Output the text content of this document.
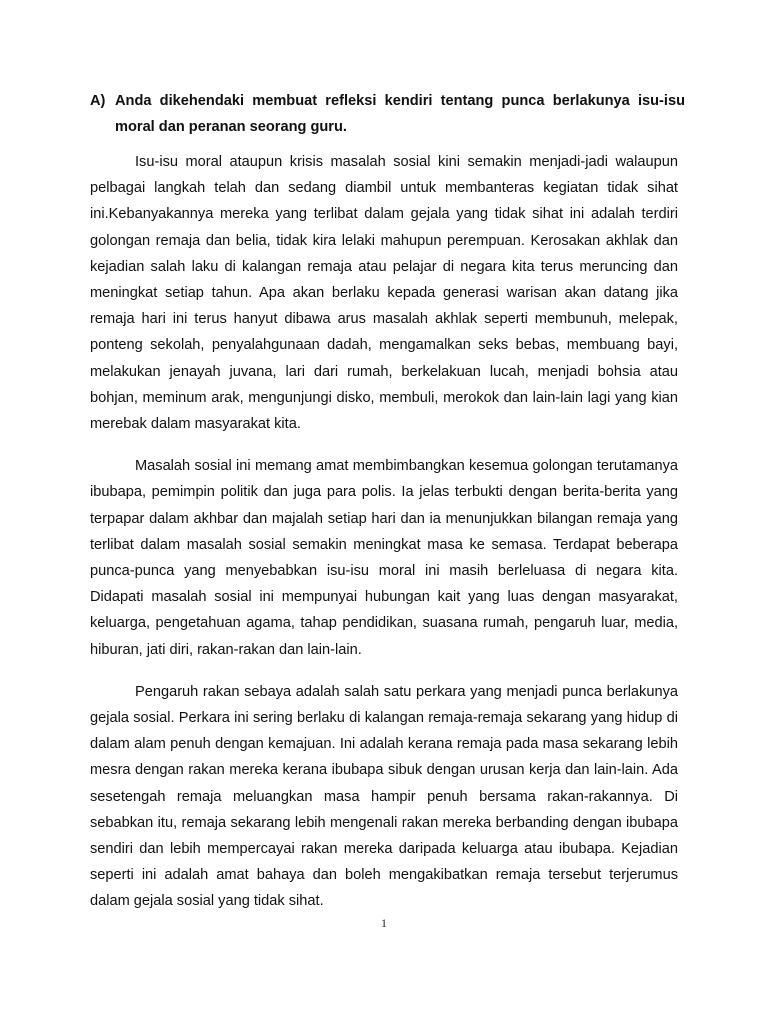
A) Anda dikehendaki membuat refleksi kendiri tentang punca berlakunya isu-isu moral dan peranan seorang guru.

Isu-isu moral ataupun krisis masalah sosial kini semakin menjadi-jadi walaupun pelbagai langkah telah dan sedang diambil untuk membanteras kegiatan tidak sihat ini.Kebanyakannya mereka yang terlibat dalam gejala yang tidak sihat ini adalah terdiri golongan remaja dan belia, tidak kira lelaki mahupun perempuan. Kerosakan akhlak dan kejadian salah laku di kalangan remaja atau pelajar di negara kita terus meruncing dan meningkat setiap tahun. Apa akan berlaku kepada generasi warisan akan datang jika remaja hari ini terus hanyut dibawa arus masalah akhlak seperti membunuh, melepak, ponteng sekolah, penyalahgunaan dadah, mengamalkan seks bebas, membuang bayi, melakukan jenayah juvana, lari dari rumah, berkelakuan lucah, menjadi bohsia atau bohjan, meminum arak, mengunjungi disko, membuli, merokok dan lain-lain lagi yang kian merebak dalam masyarakat kita.

Masalah sosial ini memang amat membimbangkan kesemua golongan terutamanya ibubapa, pemimpin politik dan juga para polis. Ia jelas terbukti dengan berita-berita yang terpapar dalam akhbar dan majalah setiap hari dan ia menunjukkan bilangan remaja yang terlibat dalam masalah sosial semakin meningkat masa ke semasa. Terdapat beberapa punca-punca yang menyebabkan isu-isu moral ini masih berleluasa di negara kita. Didapati masalah sosial ini mempunyai hubungan kait yang luas dengan masyarakat, keluarga, pengetahuan agama, tahap pendidikan, suasana rumah, pengaruh luar, media, hiburan, jati diri, rakan-rakan dan lain-lain.

Pengaruh rakan sebaya adalah salah satu perkara yang menjadi punca berlakunya gejala sosial. Perkara ini sering berlaku di kalangan remaja-remaja sekarang yang hidup di dalam alam penuh dengan kemajuan. Ini adalah kerana remaja pada masa sekarang lebih mesra dengan rakan mereka kerana ibubapa sibuk dengan urusan kerja dan lain-lain. Ada sesetengah remaja meluangkan masa hampir penuh bersama rakan-rakannya. Di sebabkan itu, remaja sekarang lebih mengenali rakan mereka berbanding dengan ibubapa sendiri dan lebih mempercayai rakan mereka daripada keluarga atau ibubapa. Kejadian seperti ini adalah amat bahaya dan boleh mengakibatkan remaja tersebut terjerumus dalam gejala sosial yang tidak sihat.

1
